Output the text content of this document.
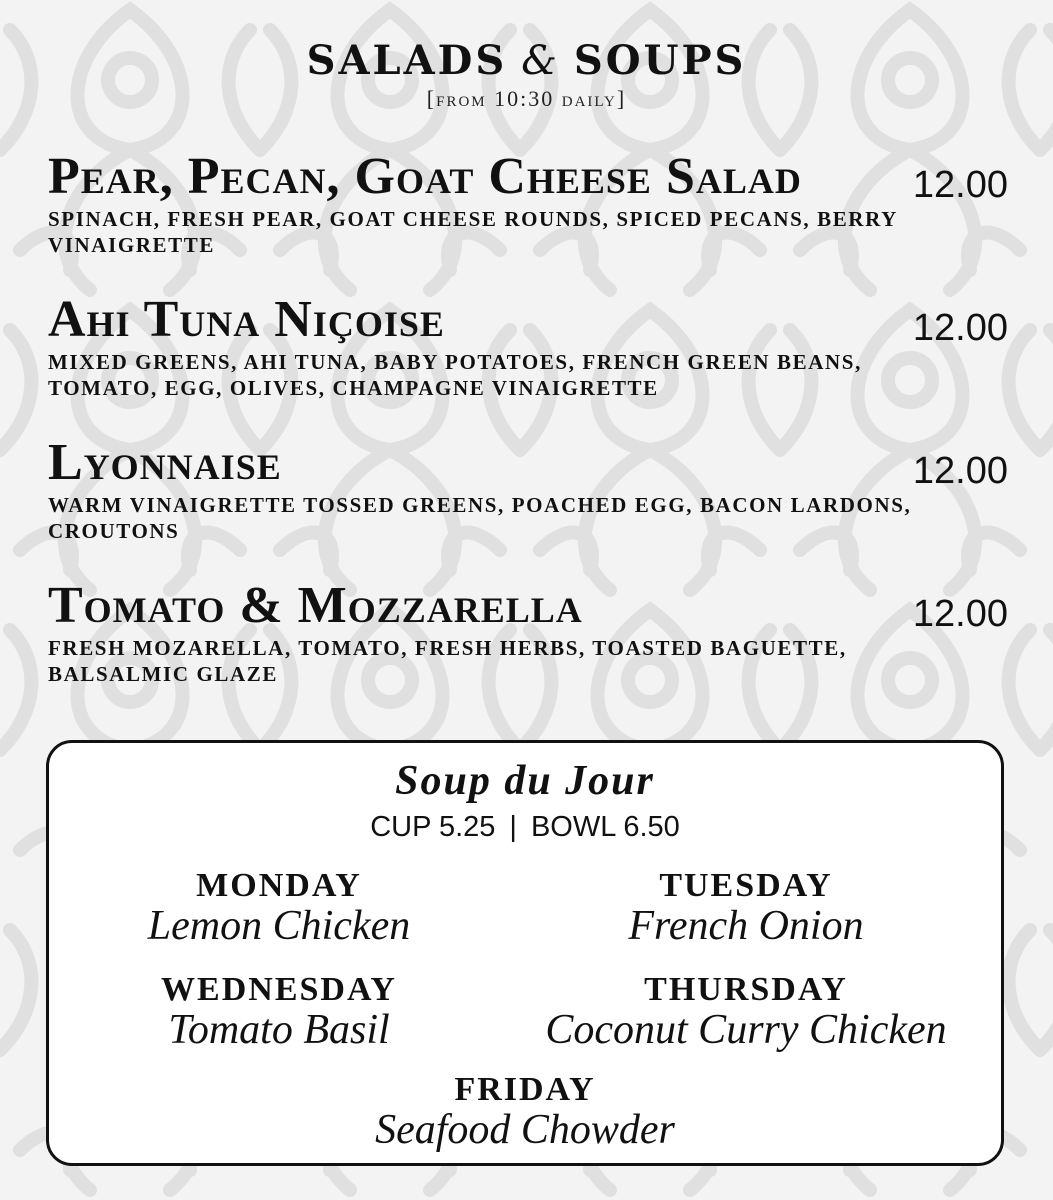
SALADS & SOUPS
[from 10:30 daily]
Pear, Pecan, Goat Cheese Salad
SPINACH, FRESH PEAR, GOAT CHEESE ROUNDS, SPICED PECANS, BERRY VINAIGRETTE
12.00
Ahi Tuna Niçoise
MIXED GREENS, AHI TUNA, BABY POTATOES, FRENCH GREEN BEANS, TOMATO, EGG, OLIVES, CHAMPAGNE VINAIGRETTE
12.00
Lyonnaise
WARM VINAIGRETTE TOSSED GREENS, POACHED EGG, BACON LARDONS, CROUTONS
12.00
Tomato & Mozzarella
FRESH MOZARELLA, TOMATO, FRESH HERBS, TOASTED BAGUETTE, BALSALMIC GLAZE
12.00
Soup du Jour
CUP 5.25 | BOWL 6.50
MONDAY
Lemon Chicken
TUESDAY
French Onion
WEDNESDAY
Tomato Basil
THURSDAY
Coconut Curry Chicken
FRIDAY
Seafood Chowder
